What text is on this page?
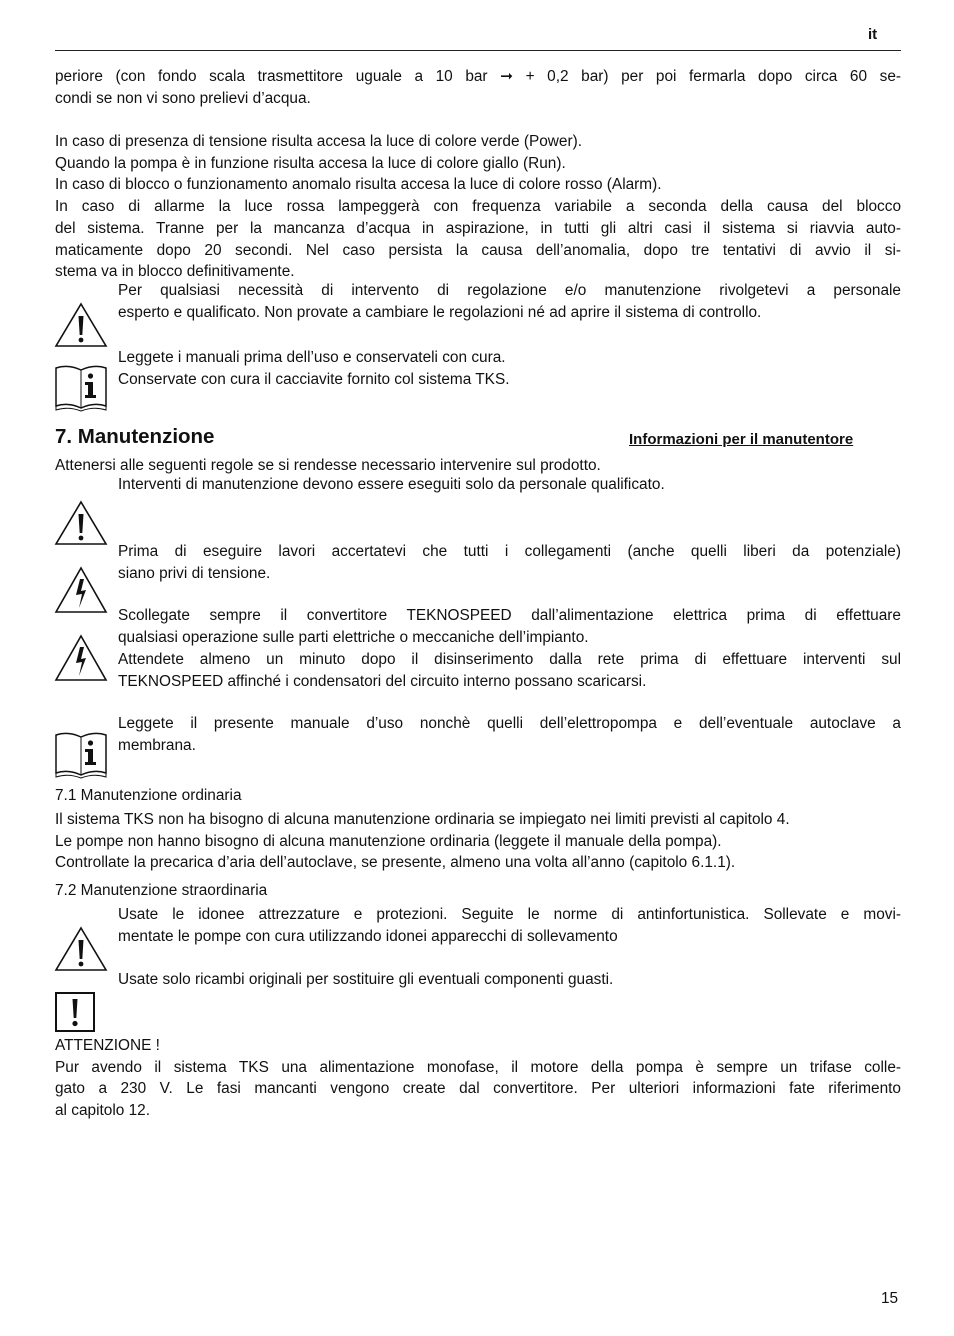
it
periore (con fondo scala trasmettitore uguale a 10 bar ➞ + 0,2 bar) per poi fermarla dopo circa 60 se-
condi se non vi sono prelievi d’acqua.
In caso di presenza di tensione risulta accesa la luce di colore verde (Power).
Quando la pompa è in funzione risulta accesa la luce di colore giallo (Run).
In caso di blocco o funzionamento anomalo risulta accesa la luce di colore rosso (Alarm).
In caso di allarme la luce rossa lampeggerà con frequenza variabile a seconda della causa del blocco
del sistema. Tranne per la mancanza d’acqua in aspirazione, in tutti gli altri casi il sistema si riavvia auto-
maticamente dopo 20 secondi. Nel caso persista la causa dell’anomalia, dopo tre tentativi di avvio il si-
stema va in blocco definitivamente.
Per qualsiasi necessità di intervento di regolazione e/o manutenzione rivolgetevi a personale
esperto e qualificato. Non provate a cambiare le regolazioni né ad aprire il sistema di controllo.
Leggete i manuali prima dell’uso e conservateli con cura.
Conservate con cura il cacciavite fornito col sistema TKS.
7. Manutenzione	Informazioni per il manutentore
Attenersi alle seguenti regole se si rendesse necessario intervenire sul prodotto.
Interventi di manutenzione devono essere eseguiti solo da personale qualificato.
Prima di eseguire lavori accertatevi che tutti i collegamenti (anche quelli liberi da potenziale)
siano privi di tensione.
Scollegate sempre il convertitore TEKNOSPEED dall’alimentazione elettrica prima di effettuare
qualsiasi operazione sulle parti elettriche o meccaniche dell’impianto.
Attendete almeno un minuto dopo il disinserimento dalla rete prima di effettuare interventi sul
TEKNOSPEED affinché i condensatori del circuito interno possano scaricarsi.
Leggete il presente manuale d’uso nonchè quelli dell’elettropompa e dell’eventuale autoclave a
membrana.
7.1 Manutenzione ordinaria
Il sistema TKS non ha bisogno di alcuna manutenzione ordinaria se impiegato nei limiti previsti al capitolo 4.
Le pompe non hanno bisogno di alcuna manutenzione ordinaria (leggete il manuale della pompa).
Controllate la precarica d’aria dell’autoclave, se presente, almeno una volta all’anno (capitolo 6.1.1).
7.2 Manutenzione straordinaria
Usate le idonee attrezzature e protezioni. Seguite le norme di antinfortunistica. Sollevate e movi-
mentate le pompe con cura utilizzando idonei apparecchi di sollevamento
Usate solo ricambi originali per sostituire gli eventuali componenti guasti.
ATTENZIONE !
Pur avendo il sistema TKS una alimentazione monofase, il motore della pompa è sempre un trifase colle-
gato a 230 V. Le fasi mancanti vengono create dal convertitore. Per ulteriori informazioni fate riferimento
al capitolo 12.
15
